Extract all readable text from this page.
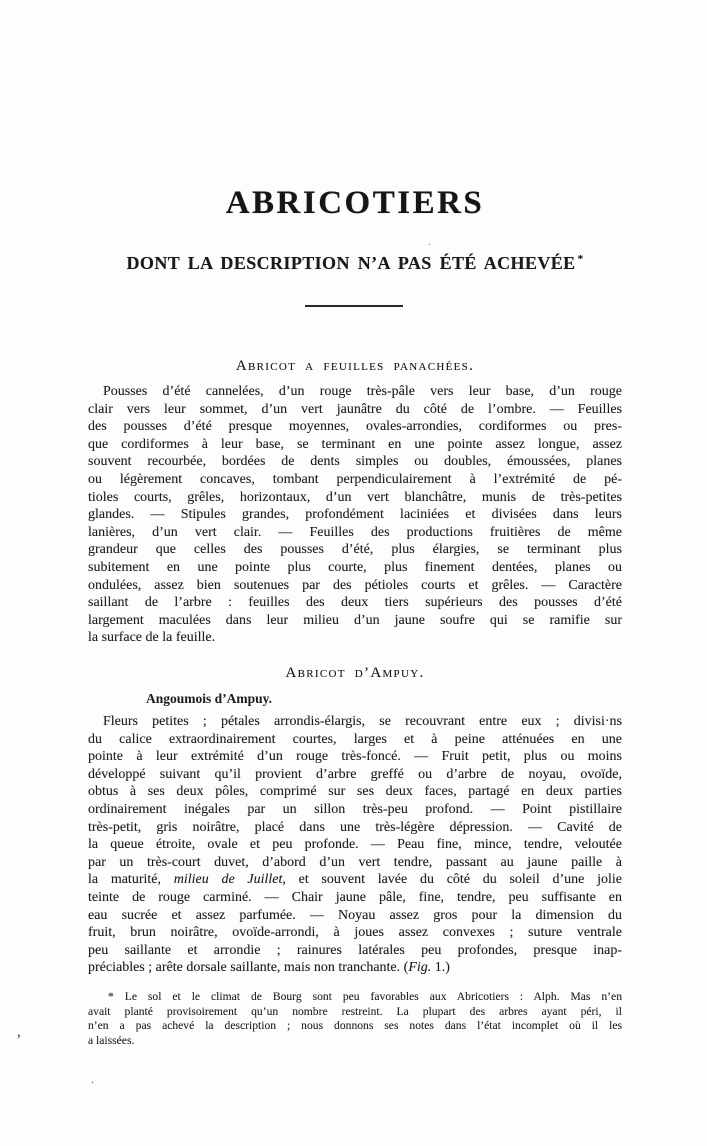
ABRICOTIERS
DONT LA DESCRIPTION N’A PAS ÉTÉ ACHEVÉE *
Abricot a feuilles panachées.
Pousses d’été cannelées, d’un rouge très-pâle vers leur base, d’un rouge
clair vers leur sommet, d’un vert jaunâtre du côté de l’ombre. — Feuilles
des pousses d’été presque moyennes, ovales-arrondies, cordiformes ou pres-
que cordiformes à leur base, se terminant en une pointe assez longue, assez
souvent recourbée, bordées de dents simples ou doubles, émoussées, planes
ou légèrement concaves, tombant perpendiculairement à l’extrémité de pé-
tioles courts, grêles, horizontaux, d’un vert blanchâtre, munis de très-petites
glandes. — Stipules grandes, profondément laciniées et divisées dans leurs
lanières, d’un vert clair. — Feuilles des productions fruitières de même
grandeur que celles des pousses d’été, plus élargies, se terminant plus
subitement en une pointe plus courte, plus finement dentées, planes ou
ondulées, assez bien soutenues par des pétioles courts et grêles. — Caractère
saillant de l’arbre : feuilles des deux tiers supérieurs des pousses d’été
largement maculées dans leur milieu d’un jaune soufre qui se ramifie sur
la surface de la feuille.
Abricot d’Ampuy.
Angoumois d’Ampuy.
Fleurs petites ; pétales arrondis-élargis, se recouvrant entre eux ; divisi·ns
du calice extraordinairement courtes, larges et à peine atténuées en une
pointe à leur extrémité d’un rouge très-foncé. — Fruit petit, plus ou moins
développé suivant qu’il provient d’arbre greffé ou d’arbre de noyau, ovoïde,
obtus à ses deux pôles, comprimé sur ses deux faces, partagé en deux parties
ordinairement inégales par un sillon très-peu profond. — Point pistillaire
très-petit, gris noirâtre, placé dans une très-légère dépression. — Cavité de
la queue étroite, ovale et peu profonde. — Peau fine, mince, tendre, veloutée
par un très-court duvet, d’abord d’un vert tendre, passant au jaune paille à
la maturité, milieu de Juillet, et souvent lavée du côté du soleil d’une jolie
teinte de rouge carminé. — Chair jaune pâle, fine, tendre, peu suffisante en
eau sucrée et assez parfumée. — Noyau assez gros pour la dimension du
fruit, brun noirâtre, ovoïde-arrondi, à joues assez convexes ; suture ventrale
peu saillante et arrondie ; rainures latérales peu profondes, presque inap-
préciables ; arête dorsale saillante, mais non tranchante. (Fig. 1.)
* Le sol et le climat de Bourg sont peu favorables aux Abricotiers : Alph. Mas n’en
avait planté provisoirement qu’un nombre restreint. La plupart des arbres ayant péri, il
n’en a pas achevé la description ; nous donnons ses notes dans l’état incomplet où il les
a laissées.
,
.
.
